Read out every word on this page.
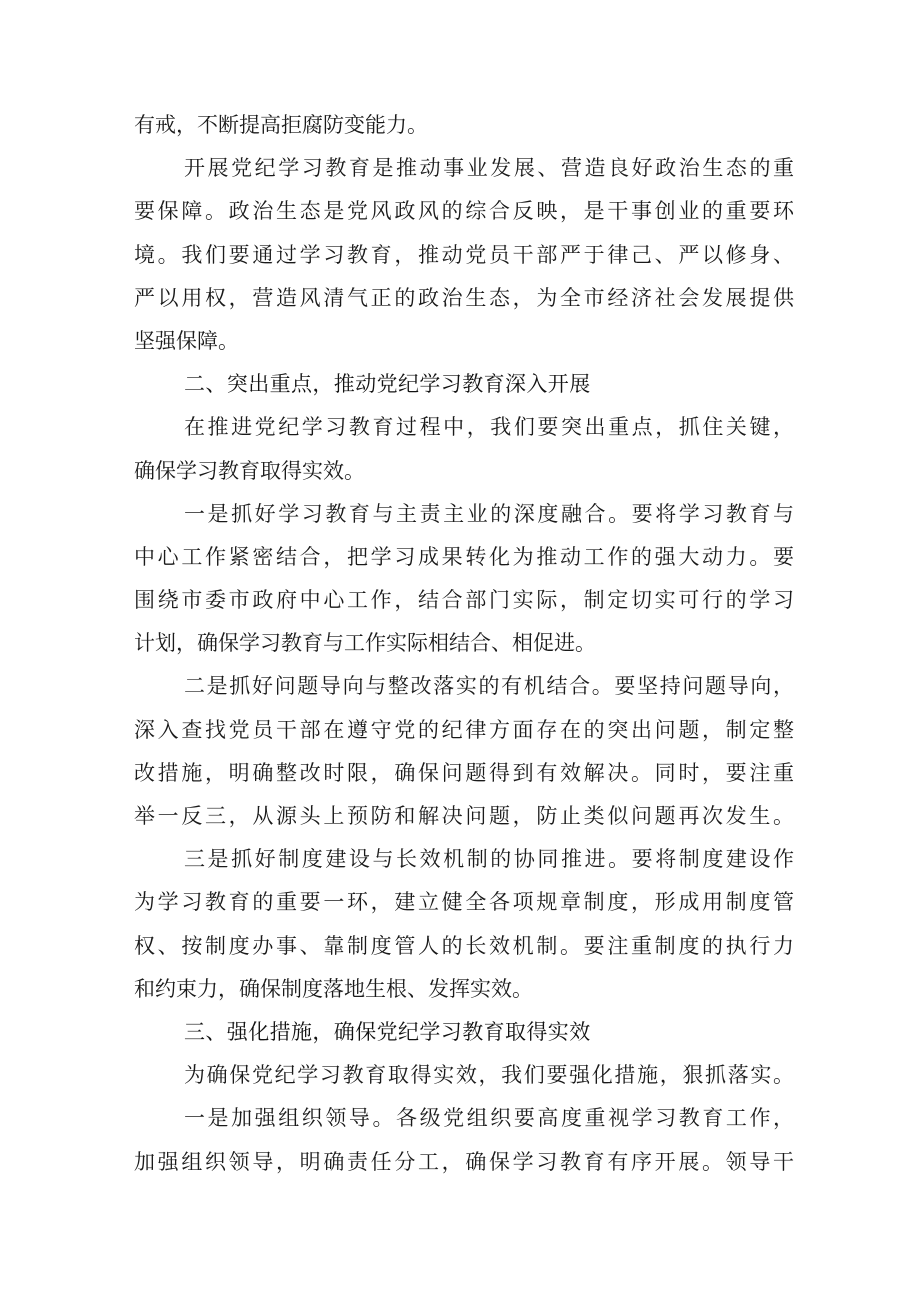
有戒，不断提高拒腐防变能力。
开展党纪学习教育是推动事业发展、营造良好政治生态的重
要保障。政治生态是党风政风的综合反映，是干事创业的重要环
境。我们要通过学习教育，推动党员干部严于律己、严以修身、
严以用权，营造风清气正的政治生态，为全市经济社会发展提供
坚强保障。
二、突出重点，推动党纪学习教育深入开展
在推进党纪学习教育过程中，我们要突出重点，抓住关键，
确保学习教育取得实效。
一是抓好学习教育与主责主业的深度融合。要将学习教育与
中心工作紧密结合，把学习成果转化为推动工作的强大动力。要
围绕市委市政府中心工作，结合部门实际，制定切实可行的学习
计划，确保学习教育与工作实际相结合、相促进。
二是抓好问题导向与整改落实的有机结合。要坚持问题导向，
深入查找党员干部在遵守党的纪律方面存在的突出问题，制定整
改措施，明确整改时限，确保问题得到有效解决。同时，要注重
举一反三，从源头上预防和解决问题，防止类似问题再次发生。
三是抓好制度建设与长效机制的协同推进。要将制度建设作
为学习教育的重要一环，建立健全各项规章制度，形成用制度管
权、按制度办事、靠制度管人的长效机制。要注重制度的执行力
和约束力，确保制度落地生根、发挥实效。
三、强化措施，确保党纪学习教育取得实效
为确保党纪学习教育取得实效，我们要强化措施，狠抓落实。
一是加强组织领导。各级党组织要高度重视学习教育工作，
加强组织领导，明确责任分工，确保学习教育有序开展。领导干
